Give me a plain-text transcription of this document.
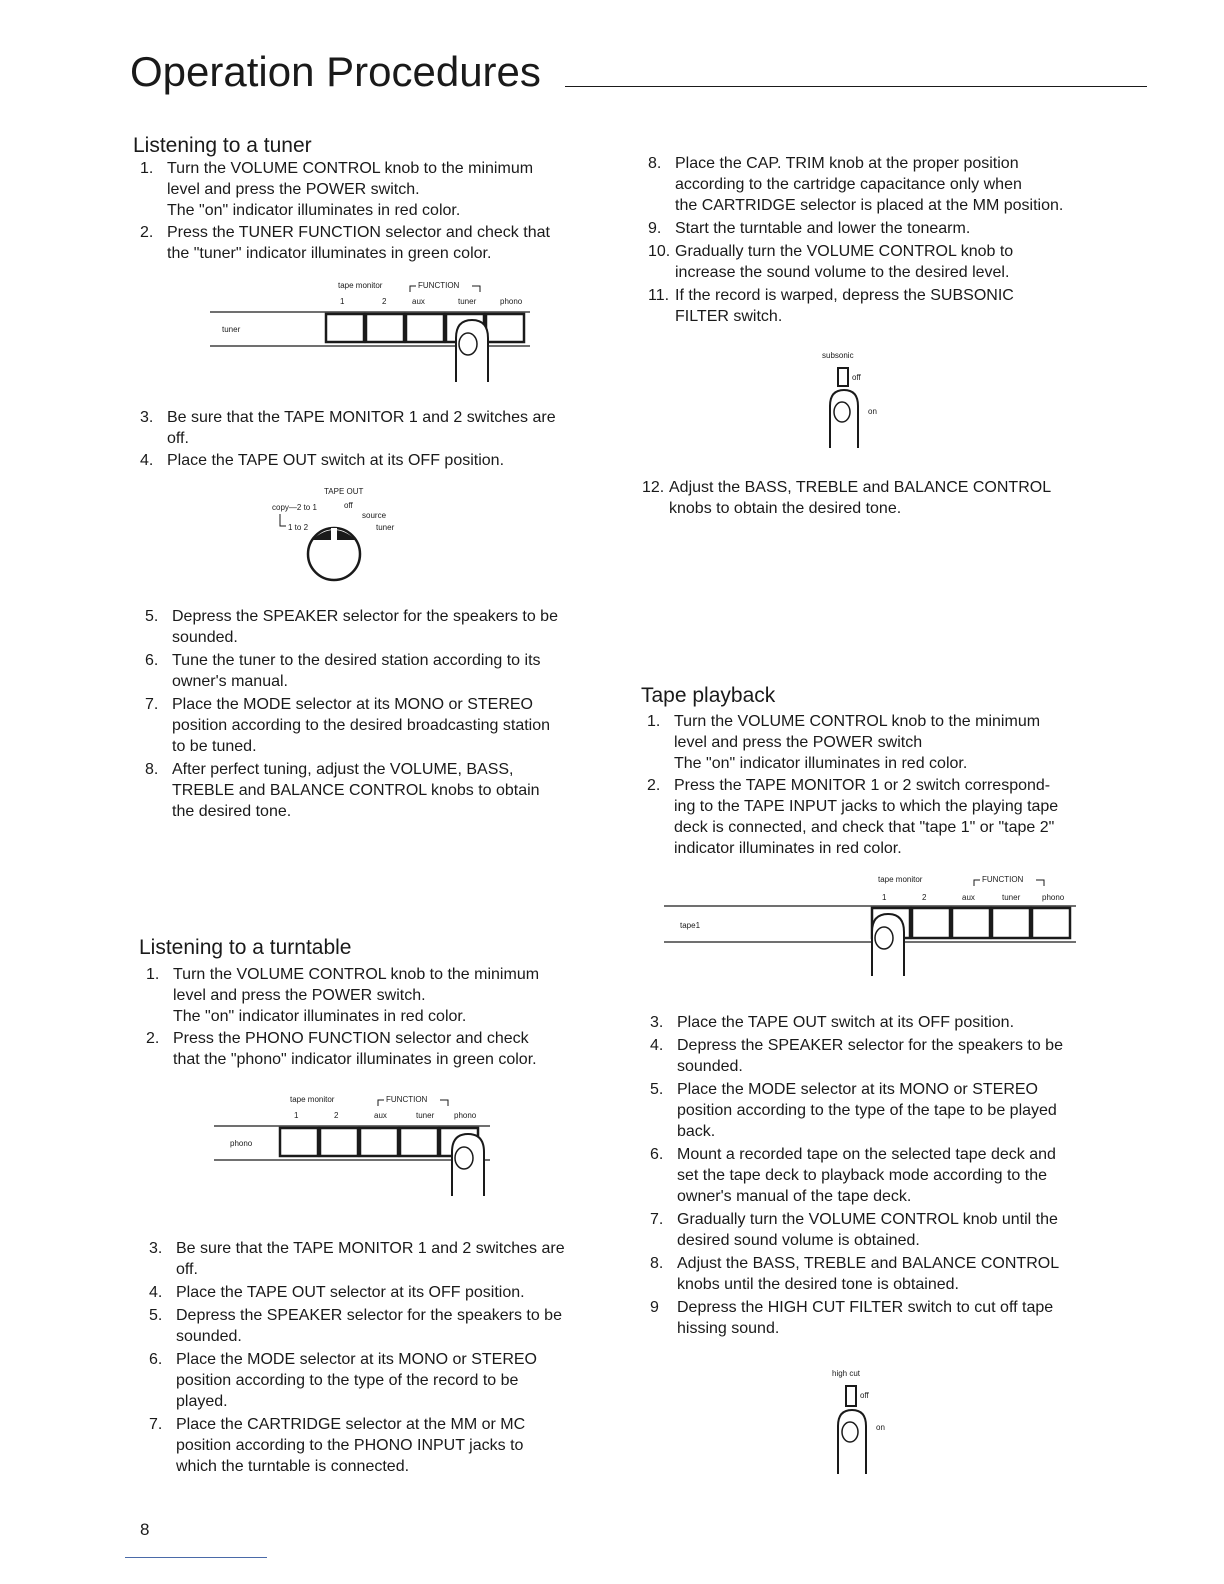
Operation Procedures
Listening to a tuner
1. Turn the VOLUME CONTROL knob to the minimum
level and press the POWER switch.
The "on" indicator illuminates in red color.
2. Press the TUNER FUNCTION selector and check that
the "tuner" indicator illuminates in green color.
tape monitor	FUNCTION
1	2	aux	tuner	phono
tuner
3. Be sure that the TAPE MONITOR 1 and 2 switches are
off.
4. Place the TAPE OUT switch at its OFF position.
TAPE OUT
copy—2 to 1	off
source
1 to 2	tuner
5. Depress the SPEAKER selector for the speakers to be
sounded.
6. Tune the tuner to the desired station according to its
owner's manual.
7. Place the MODE selector at its MONO or STEREO
position according to the desired broadcasting station
to be tuned.
8. After perfect tuning, adjust the VOLUME, BASS,
TREBLE and BALANCE CONTROL knobs to obtain
the desired tone.
Listening to a turntable
1. Turn the VOLUME CONTROL knob to the minimum
level and press the POWER switch.
The "on" indicator illuminates in red color.
2. Press the PHONO FUNCTION selector and check
that the "phono" indicator illuminates in green color.
tape monitor	FUNCTION
1	2	aux	tuner phono
phono
3. Be sure that the TAPE MONITOR 1 and 2 switches are
off.
4. Place the TAPE OUT selector at its OFF position.
5. Depress the SPEAKER selector for the speakers to be
sounded.
6. Place the MODE selector at its MONO or STEREO
position according to the type of the record to be
played.
7. Place the CARTRIDGE selector at the MM or MC
position according to the PHONO INPUT jacks to
which the turntable is connected.
8. Place the CAP. TRIM knob at the proper position
according to the cartridge capacitance only when
the CARTRIDGE selector is placed at the MM position.
9. Start the turntable and lower the tonearm.
10. Gradually turn the VOLUME CONTROL knob to
increase the sound volume to the desired level.
11. If the record is warped, depress the SUBSONIC
FILTER switch.
subsonic
off
on
12. Adjust the BASS, TREBLE and BALANCE CONTROL
knobs to obtain the desired tone.
Tape playback
1. Turn the VOLUME CONTROL knob to the minimum
level and press the POWER switch
The "on" indicator illuminates in red color.
2. Press the TAPE MONITOR 1 or 2 switch correspond-
ing to the TAPE INPUT jacks to which the playing tape
deck is connected, and check that "tape 1" or "tape 2"
indicator illuminates in red color.
tape monitor	FUNCTION
1	2	aux	tuner	phono
tape1
3. Place the TAPE OUT switch at its OFF position.
4. Depress the SPEAKER selector for the speakers to be
sounded.
5. Place the MODE selector at its MONO or STEREO
position according to the type of the tape to be played
back.
6. Mount a recorded tape on the selected tape deck and
set the tape deck to playback mode according to the
owner's manual of the tape deck.
7. Gradually turn the VOLUME CONTROL knob until the
desired sound volume is obtained.
8. Adjust the BASS, TREBLE and BALANCE CONTROL
knobs until the desired tone is obtained.
9 Depress the HIGH CUT FILTER switch to cut off tape
hissing sound.
high cut
off
on
8
